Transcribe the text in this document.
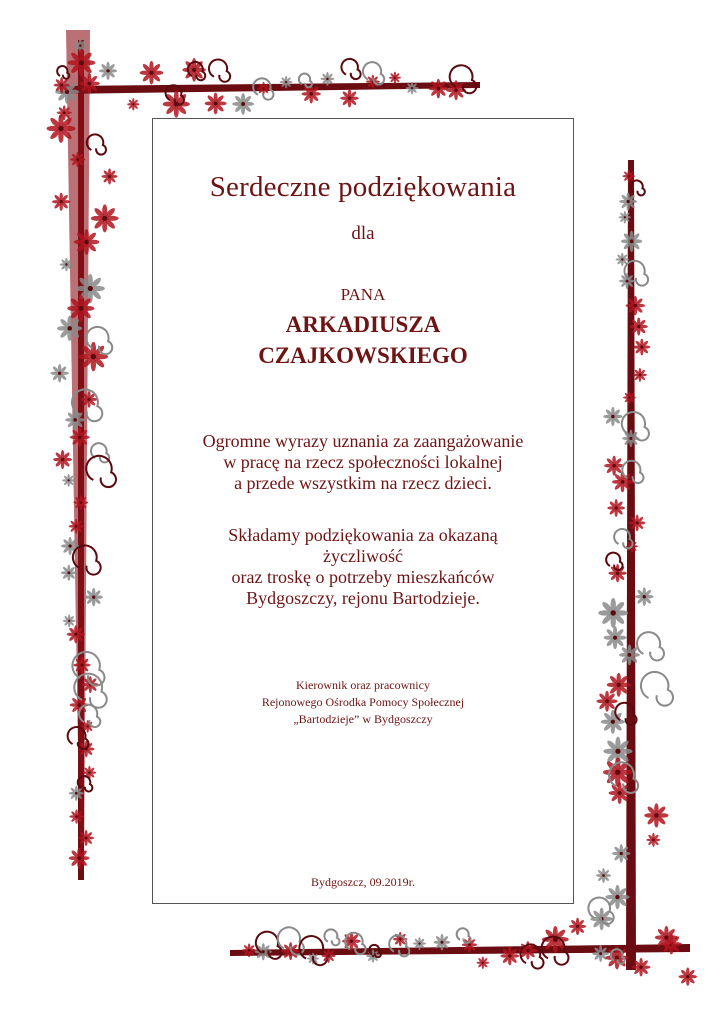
Serdeczne podziękowania
dla
PANA
ARKADIUSZA
CZAJKOWSKIEGO
Ogromne wyrazy uznania za zaangażowanie
w pracę na rzecz społeczności lokalnej
a przede wszystkim na rzecz dzieci.
Składamy podziękowania za okazaną
życzliwość
oraz troskę o potrzeby mieszkańców
Bydgoszczy, rejonu Bartodzieje.
Kierownik oraz pracownicy
Rejonowego Ośrodka Pomocy Społecznej
„Bartodzieje” w Bydgoszczy
Bydgoszcz, 09.2019r.
